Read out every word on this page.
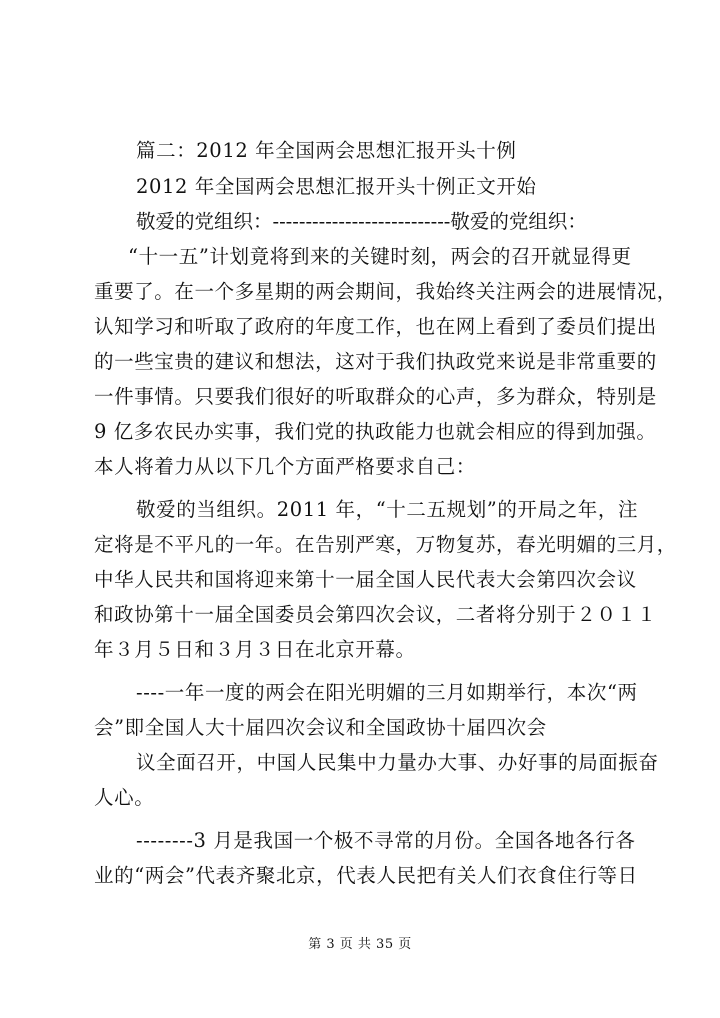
篇二：2012 年全国两会思想汇报开头十例
2012 年全国两会思想汇报开头十例正文开始
敬爱的党组织：---------------------------敬爱的党组织：
“十一五”计划竟将到来的关键时刻，两会的召开就显得更
重要了。在一个多星期的两会期间，我始终关注两会的进展情况，
认知学习和听取了政府的年度工作，也在网上看到了委员们提出
的一些宝贵的建议和想法，这对于我们执政党来说是非常重要的
一件事情。只要我们很好的听取群众的心声，多为群众，特别是
9 亿多农民办实事，我们党的执政能力也就会相应的得到加强。
本人将着力从以下几个方面严格要求自己：
敬爱的当组织。2011 年，“十二五规划”的开局之年，注
定将是不平凡的一年。在告别严寒，万物复苏，春光明媚的三月，
中华人民共和国将迎来第十一届全国人民代表大会第四次会议
和政协第十一届全国委员会第四次会议，二者将分别于２０１１
年３月５日和３月３日在北京开幕。
----一年一度的两会在阳光明媚的三月如期举行，本次“两
会”即全国人大十届四次会议和全国政协十届四次会
议全面召开，中国人民集中力量办大事、办好事的局面振奋
人心。
--------3 月是我国一个极不寻常的月份。全国各地各行各
业的“两会”代表齐聚北京，代表人民把有关人们衣食住行等日
第 3 页 共 35 页
